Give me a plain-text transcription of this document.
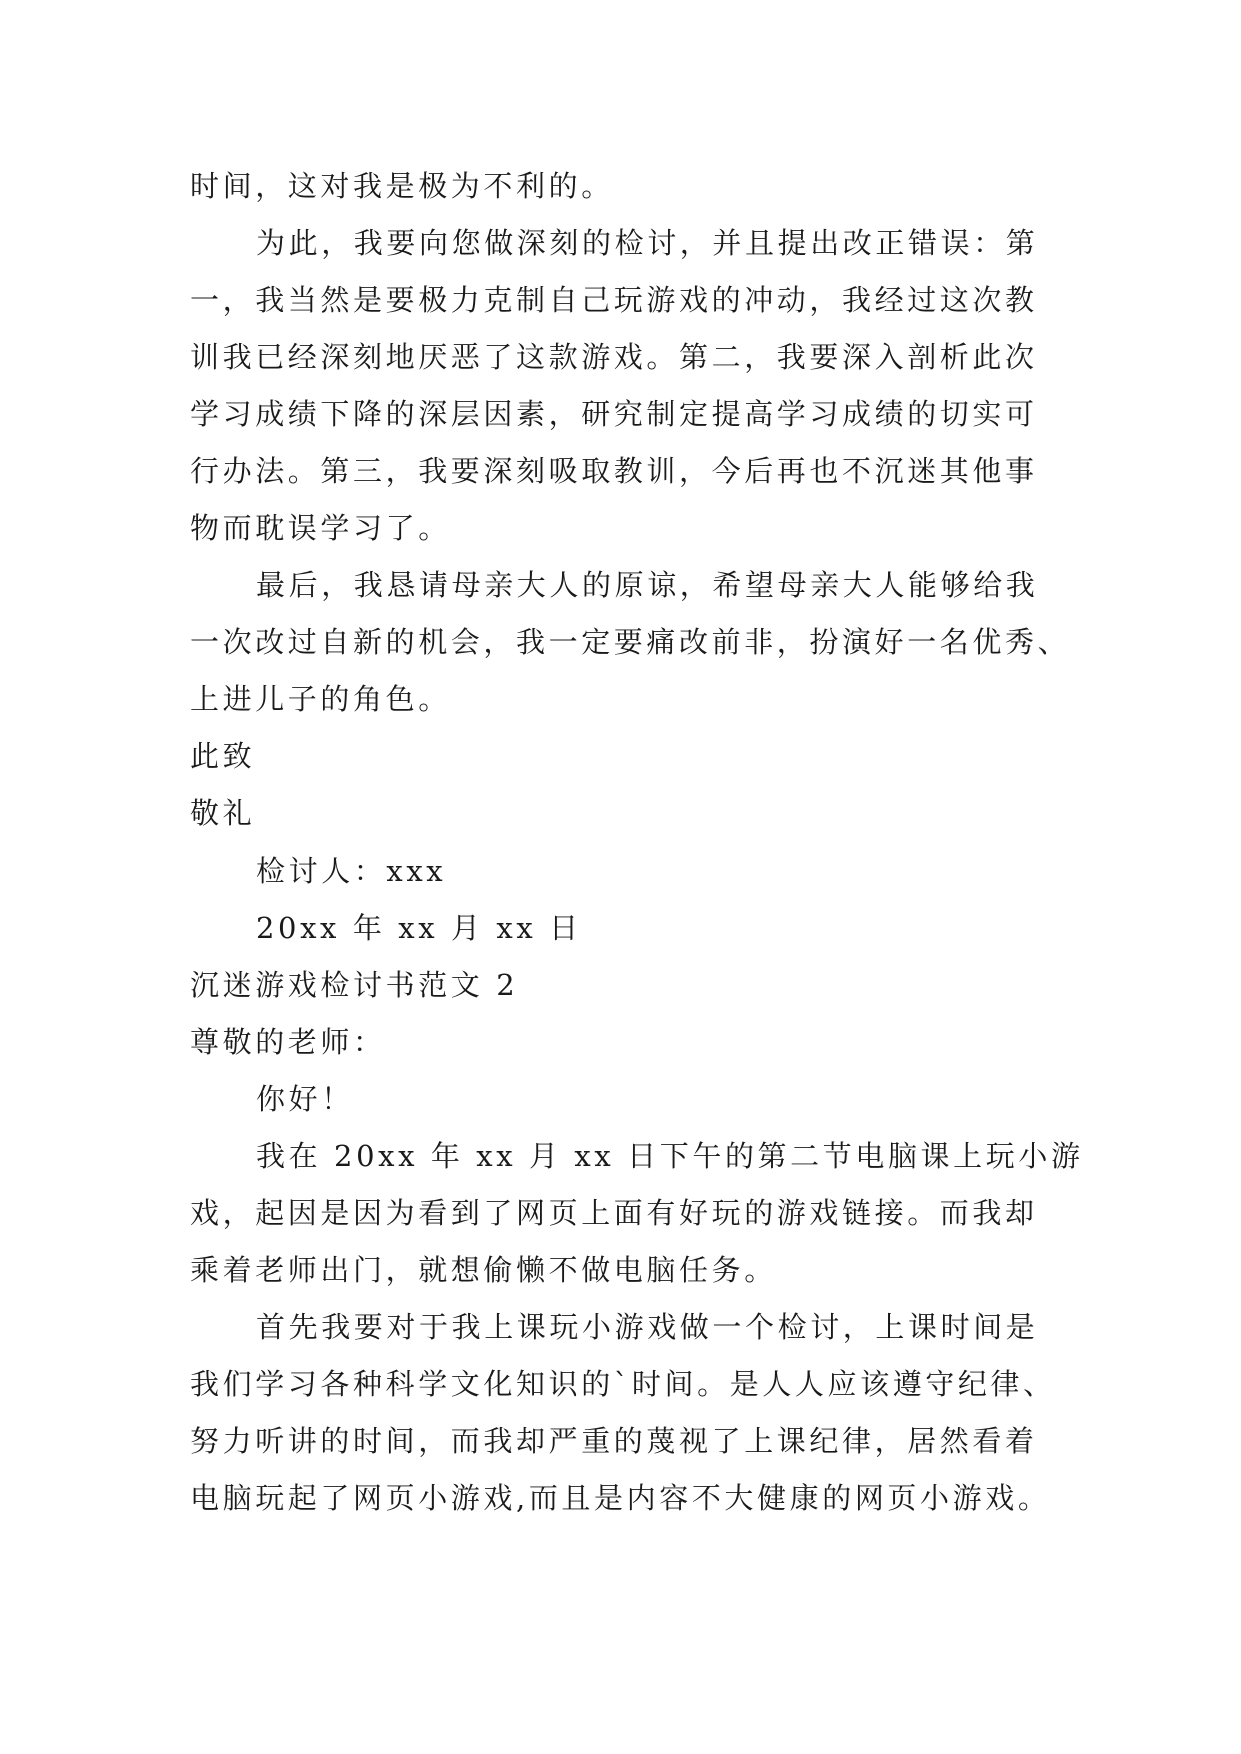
时间，这对我是极为不利的。
为此，我要向您做深刻的检讨，并且提出改正错误：第
一，我当然是要极力克制自己玩游戏的冲动，我经过这次教
训我已经深刻地厌恶了这款游戏。第二，我要深入剖析此次
学习成绩下降的深层因素，研究制定提高学习成绩的切实可
行办法。第三，我要深刻吸取教训，今后再也不沉迷其他事
物而耽误学习了。
最后，我恳请母亲大人的原谅，希望母亲大人能够给我
一次改过自新的机会，我一定要痛改前非，扮演好一名优秀、
上进儿子的角色。
此致
敬礼
检讨人：xxx
20xx 年 xx 月 xx 日
沉迷游戏检讨书范文 2
尊敬的老师：
你好！
我在 20xx 年 xx 月 xx 日下午的第二节电脑课上玩小游
戏，起因是因为看到了网页上面有好玩的游戏链接。而我却
乘着老师出门，就想偷懒不做电脑任务。
首先我要对于我上课玩小游戏做一个检讨，上课时间是
我们学习各种科学文化知识的`时间。是人人应该遵守纪律、
努力听讲的时间，而我却严重的蔑视了上课纪律，居然看着
电脑玩起了网页小游戏,而且是内容不大健康的网页小游戏。
